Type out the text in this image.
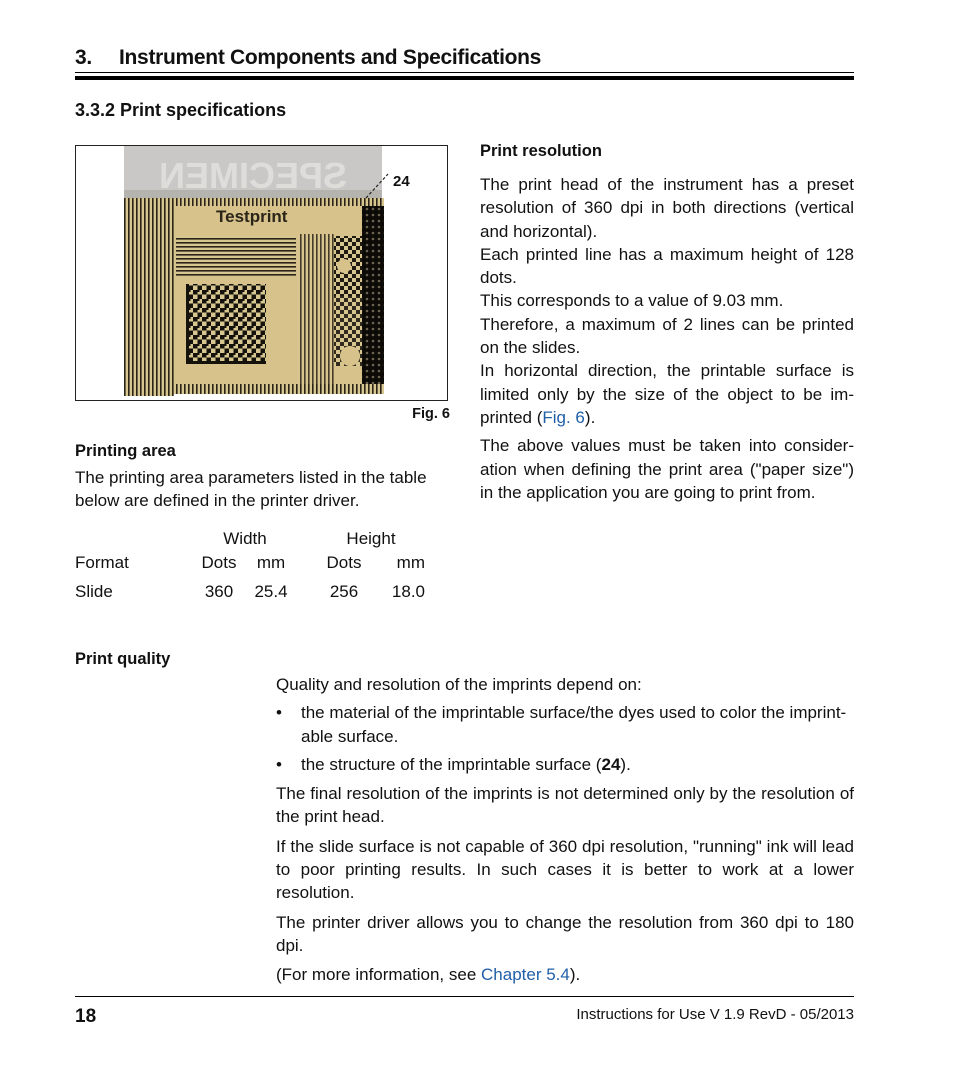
3. Instrument Components and Specifications
3.3.2 Print specifications
SPECIMEN
Testprint
24
Fig. 6
Printing area
The printing area parameters listed in the table below are defined in the printer driver.
	Width			Height	
Format	Dots	mm		Dots	mm
Slide	360	25.4		256	18.0
Print resolution
The print head of the instrument has a preset resolution of 360 dpi in both directions (vertical and horizontal).
Each printed line has a maximum height of 128 dots.
This corresponds to a value of 9.03 mm.
Therefore, a maximum of 2 lines can be printed on the slides.
In horizontal direction, the printable surface is limited only by the size of the object to be im-printed (Fig. 6).
The above values must be taken into consider-ation when defining the print area ("paper size") in the application you are going to print from.
Print quality
Quality and resolution of the imprints depend on:
• the material of the imprintable surface/the dyes used to color the imprint-able surface.
• the structure of the imprintable surface (24).
The final resolution of the imprints is not determined only by the resolution of the print head.
If the slide surface is not capable of 360 dpi resolution, "running" ink will lead to poor printing results. In such cases it is better to work at a lower resolution.
The printer driver allows you to change the resolution from 360 dpi to 180 dpi.
(For more information, see Chapter 5.4).
18	Instructions for Use V 1.9 RevD - 05/2013
